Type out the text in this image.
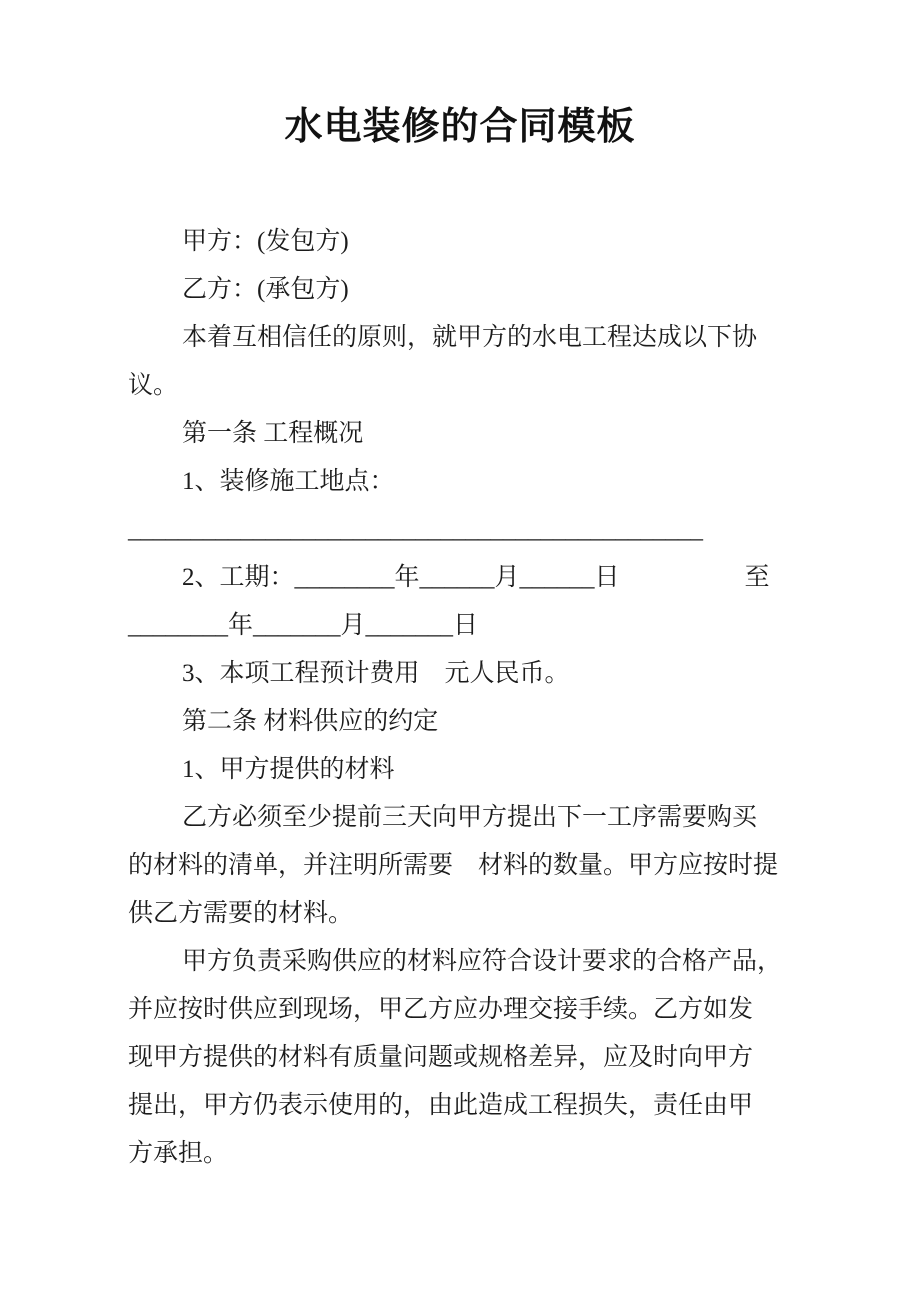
水电装修的合同模板

甲方：(发包方)

乙方：(承包方)

本着互相信任的原则，就甲方的水电工程达成以下协

议。

第一条 工程概况

1、装修施工地点：

______________________________________________

2、工期：________年______月______日　　　　　至

________年_______月_______日

3、本项工程预计费用　元人民币。

第二条 材料供应的约定

1、甲方提供的材料

乙方必须至少提前三天向甲方提出下一工序需要购买

的材料的清单，并注明所需要　材料的数量。甲方应按时提

供乙方需要的材料。

甲方负责采购供应的材料应符合设计要求的合格产品，

并应按时供应到现场，甲乙方应办理交接手续。乙方如发

现甲方提供的材料有质量问题或规格差异，应及时向甲方

提出，甲方仍表示使用的，由此造成工程损失，责任由甲

方承担。
